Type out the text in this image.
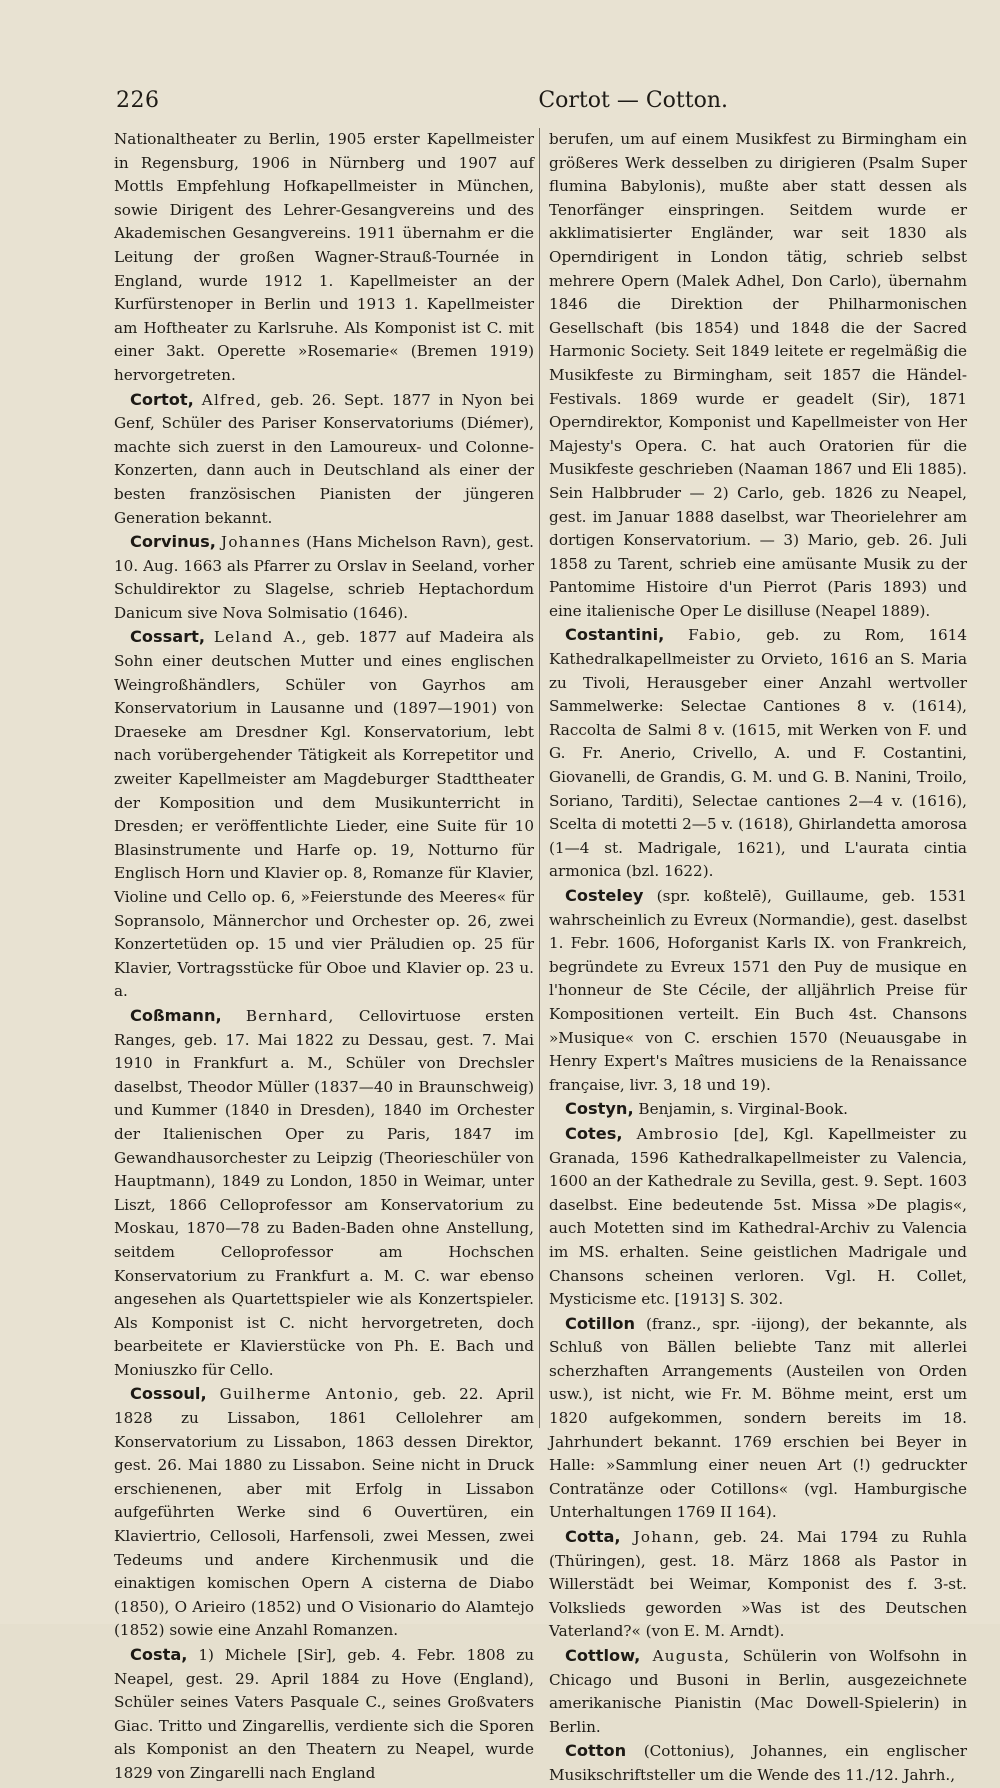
226	Cortot — Cotton.

Nationaltheater zu Berlin, 1905 erster Kapellmeister in Regensburg, 1906 in Nürnberg und 1907 auf Mottls Empfehlung Hofkapellmeister in München, sowie Dirigent des Lehrer-Gesangvereins und des Akademischen Gesangvereins. 1911 übernahm er die Leitung der großen Wagner-Strauß-Tournée in England, wurde 1912 1. Kapellmeister an der Kurfürstenoper in Berlin und 1913 1. Kapellmeister am Hoftheater zu Karlsruhe. Als Komponist ist C. mit einer 3akt. Operette »Rosemarie« (Bremen 1919) hervorgetreten.

Cortot, Alfred, geb. 26. Sept. 1877 in Nyon bei Genf, Schüler des Pariser Konservatoriums (Diémer), machte sich zuerst in den Lamoureux- und Colonne-Konzerten, dann auch in Deutschland als einer der besten französischen Pianisten der jüngeren Generation bekannt.

Corvinus, Johannes (Hans Michelson Ravn), gest. 10. Aug. 1663 als Pfarrer zu Orslav in Seeland, vorher Schuldirektor zu Slagelse, schrieb Heptachordum Danicum sive Nova Solmisatio (1646).

Cossart, Leland A., geb. 1877 auf Madeira als Sohn einer deutschen Mutter und eines englischen Weingroßhändlers, Schüler von Gayrhos am Konservatorium in Lausanne und (1897—1901) von Draeseke am Dresdner Kgl. Konservatorium, lebt nach vorübergehender Tätigkeit als Korrepetitor und zweiter Kapellmeister am Magdeburger Stadttheater der Komposition und dem Musikunterricht in Dresden; er veröffentlichte Lieder, eine Suite für 10 Blasinstrumente und Harfe op. 19, Notturno für Englisch Horn und Klavier op. 8, Romanze für Klavier, Violine und Cello op. 6, »Feierstunde des Meeres« für Sopransolo, Männerchor und Orchester op. 26, zwei Konzertetüden op. 15 und vier Präludien op. 25 für Klavier, Vortragsstücke für Oboe und Klavier op. 23 u. a.

Coßmann, Bernhard, Cellovirtuose ersten Ranges, geb. 17. Mai 1822 zu Dessau, gest. 7. Mai 1910 in Frankfurt a. M., Schüler von Drechsler daselbst, Theodor Müller (1837—40 in Braunschweig) und Kummer (1840 in Dresden), 1840 im Orchester der Italienischen Oper zu Paris, 1847 im Gewandhausorchester zu Leipzig (Theorieschüler von Hauptmann), 1849 zu London, 1850 in Weimar, unter Liszt, 1866 Celloprofessor am Konservatorium zu Moskau, 1870—78 zu Baden-Baden ohne Anstellung, seitdem Celloprofessor am Hochschen Konservatorium zu Frankfurt a. M. C. war ebenso angesehen als Quartettspieler wie als Konzertspieler. Als Komponist ist C. nicht hervorgetreten, doch bearbeitete er Klavierstücke von Ph. E. Bach und Moniuszko für Cello.

Cossoul, Guilherme Antonio, geb. 22. April 1828 zu Lissabon, 1861 Cellolehrer am Konservatorium zu Lissabon, 1863 dessen Direktor, gest. 26. Mai 1880 zu Lissabon. Seine nicht in Druck erschienenen, aber mit Erfolg in Lissabon aufgeführten Werke sind 6 Ouvertüren, ein Klaviertrio, Cellosoli, Harfensoli, zwei Messen, zwei Tedeums und andere Kirchenmusik und die einaktigen komischen Opern A cisterna de Diabo (1850), O Arieiro (1852) und O Visionario do Alamtejo (1852) sowie eine Anzahl Romanzen.

Costa, 1) Michele [Sir], geb. 4. Febr. 1808 zu Neapel, gest. 29. April 1884 zu Hove (England), Schüler seines Vaters Pasquale C., seines Großvaters Giac. Tritto und Zingarellis, verdiente sich die Sporen als Komponist an den Theatern zu Neapel, wurde 1829 von Zingarelli nach England

berufen, um auf einem Musikfest zu Birmingham ein größeres Werk desselben zu dirigieren (Psalm Super flumina Babylonis), mußte aber statt dessen als Tenorfänger einspringen. Seitdem wurde er akklimatisierter Engländer, war seit 1830 als Operndirigent in London tätig, schrieb selbst mehrere Opern (Malek Adhel, Don Carlo), übernahm 1846 die Direktion der Philharmonischen Gesellschaft (bis 1854) und 1848 die der Sacred Harmonic Society. Seit 1849 leitete er regelmäßig die Musikfeste zu Birmingham, seit 1857 die Händel-Festivals. 1869 wurde er geadelt (Sir), 1871 Operndirektor, Komponist und Kapellmeister von Her Majesty's Opera. C. hat auch Oratorien für die Musikfeste geschrieben (Naaman 1867 und Eli 1885). Sein Halbbruder — 2) Carlo, geb. 1826 zu Neapel, gest. im Januar 1888 daselbst, war Theorielehrer am dortigen Konservatorium. — 3) Mario, geb. 26. Juli 1858 zu Tarent, schrieb eine amüsante Musik zu der Pantomime Histoire d'un Pierrot (Paris 1893) und eine italienische Oper Le disilluse (Neapel 1889).

Costantini, Fabio, geb. zu Rom, 1614 Kathedralkapellmeister zu Orvieto, 1616 an S. Maria zu Tivoli, Herausgeber einer Anzahl wertvoller Sammelwerke: Selectae Cantiones 8 v. (1614), Raccolta de Salmi 8 v. (1615, mit Werken von F. und G. Fr. Anerio, Crivello, A. und F. Costantini, Giovanelli, de Grandis, G. M. und G. B. Nanini, Troilo, Soriano, Tarditi), Selectae cantiones 2—4 v. (1616), Scelta di motetti 2—5 v. (1618), Ghirlandetta amorosa (1—4 st. Madrigale, 1621), und L'aurata cintia armonica (bzl. 1622).

Costeley (spr. koßtelē), Guillaume, geb. 1531 wahrscheinlich zu Evreux (Normandie), gest. daselbst 1. Febr. 1606, Hoforganist Karls IX. von Frankreich, begründete zu Evreux 1571 den Puy de musique en l'honneur de Ste Cécile, der alljährlich Preise für Kompositionen verteilt. Ein Buch 4st. Chansons »Musique« von C. erschien 1570 (Neuausgabe in Henry Expert's Maîtres musiciens de la Renaissance française, livr. 3, 18 und 19).

Costyn, Benjamin, s. Virginal-Book.

Cotes, Ambrosio [de], Kgl. Kapellmeister zu Granada, 1596 Kathedralkapellmeister zu Valencia, 1600 an der Kathedrale zu Sevilla, gest. 9. Sept. 1603 daselbst. Eine bedeutende 5st. Missa »De plagis«, auch Motetten sind im Kathedral-Archiv zu Valencia im MS. erhalten. Seine geistlichen Madrigale und Chansons scheinen verloren. Vgl. H. Collet, Mysticisme etc. [1913] S. 302.

Cotillon (franz., spr. -iijong), der bekannte, als Schluß von Bällen beliebte Tanz mit allerlei scherzhaften Arrangements (Austeilen von Orden usw.), ist nicht, wie Fr. M. Böhme meint, erst um 1820 aufgekommen, sondern bereits im 18. Jahrhundert bekannt. 1769 erschien bei Beyer in Halle: »Sammlung einer neuen Art (!) gedruckter Contratänze oder Cotillons« (vgl. Hamburgische Unterhaltungen 1769 II 164).

Cotta, Johann, geb. 24. Mai 1794 zu Ruhla (Thüringen), gest. 18. März 1868 als Pastor in Willerstädt bei Weimar, Komponist des f. 3-st. Volkslieds geworden »Was ist des Deutschen Vaterland?« (von E. M. Arndt).

Cottlow, Augusta, Schülerin von Wolfsohn in Chicago und Busoni in Berlin, ausgezeichnete amerikanische Pianistin (Mac Dowell-Spielerin) in Berlin.

Cotton (Cottonius), Johannes, ein englischer Musikschriftsteller um die Wende des 11./12. Jahrh.,
